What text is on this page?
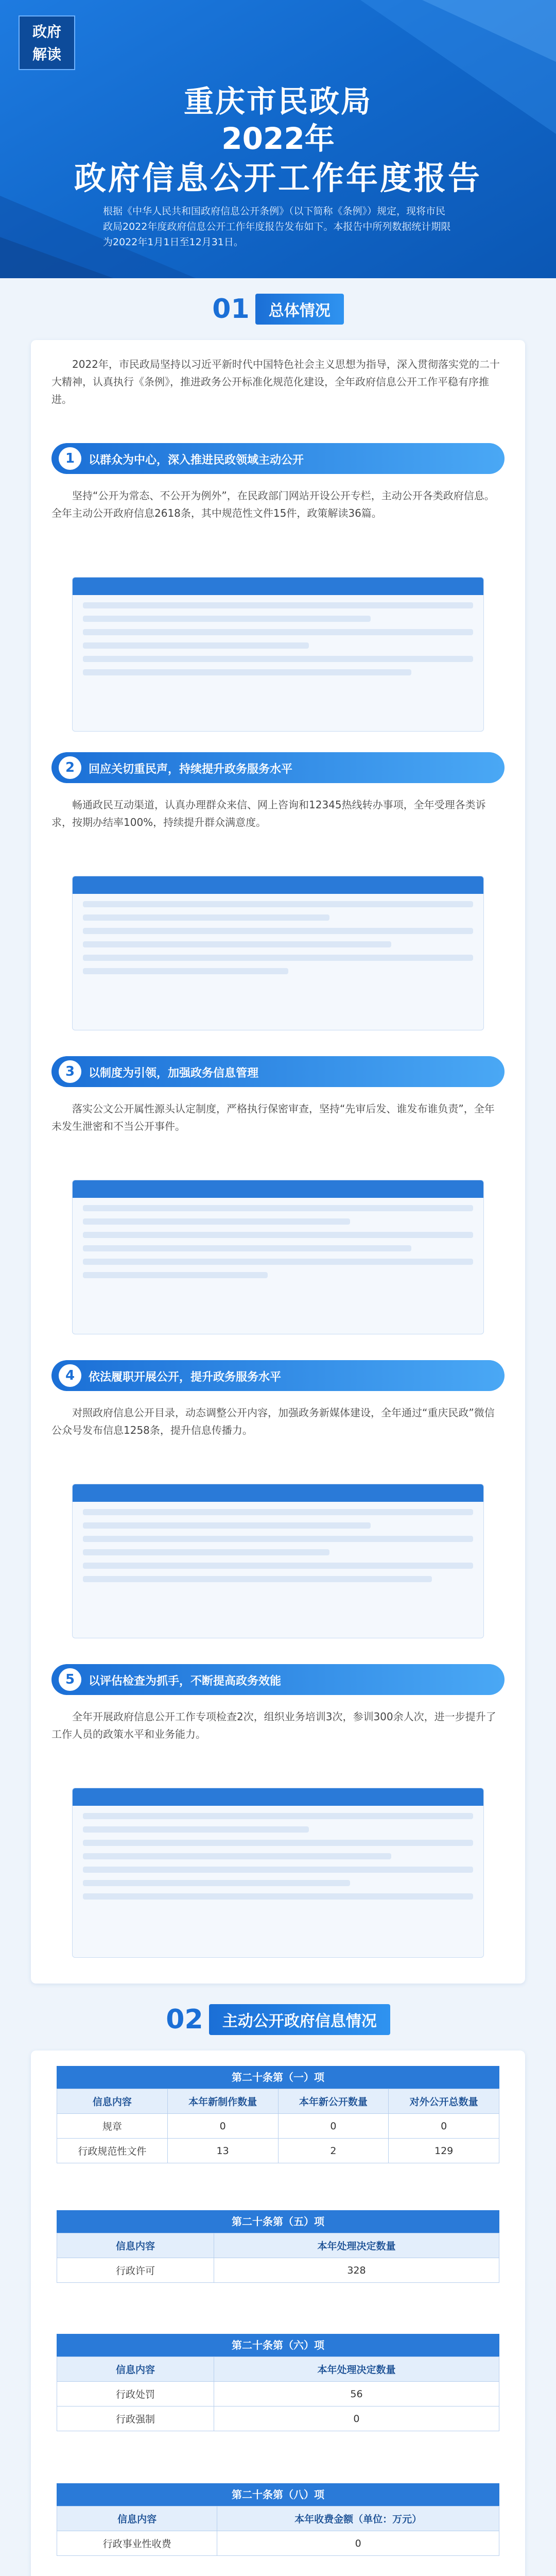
政府
解读
重庆市民政局
2022年
政府信息公开工作年度报告
根据《中华人民共和国政府信息公开条例》（以下简称《条例》）规定，现将市民政局2022年度政府信息公开工作年度报告发布如下。本报告中所列数据统计期限为2022年1月1日至12月31日。
01 总体情况
2022年，市民政局坚持以习近平新时代中国特色社会主义思想为指导，深入贯彻落实党的二十大精神，认真执行《条例》，推进政务公开标准化规范化建设，全年政府信息公开工作平稳有序推进。
1	以群众为中心，深入推进民政领域主动公开
坚持“公开为常态、不公开为例外”，在民政部门网站开设公开专栏，主动公开各类政府信息。全年主动公开政府信息2618条，其中规范性文件15件，政策解读36篇。
2	回应关切重民声，持续提升政务服务水平
畅通政民互动渠道，认真办理群众来信、网上咨询和12345热线转办事项，全年受理各类诉求，按期办结率100%，持续提升群众满意度。
3	以制度为引领，加强政务信息管理
落实公文公开属性源头认定制度，严格执行保密审查，坚持“先审后发、谁发布谁负责”，全年未发生泄密和不当公开事件。
4	依法履职开展公开，提升政务服务水平
对照政府信息公开目录，动态调整公开内容，加强政务新媒体建设，全年通过“重庆民政”微信公众号发布信息1258条，提升信息传播力。
5	以评估检查为抓手，不断提高政务效能
全年开展政府信息公开工作专项检查2次，组织业务培训3次，参训300余人次，进一步提升了工作人员的政策水平和业务能力。
02 主动公开政府信息情况
第二十条第（一）项
信息内容	本年新制作数量	本年新公开数量	对外公开总数量
规章	0	0	0
行政规范性文件	13	2	129
第二十条第（五）项
信息内容	本年处理决定数量
行政许可	328
第二十条第（六）项
信息内容	本年处理决定数量
行政处罚	56
行政强制	0
第二十条第（八）项
信息内容	本年收费金额（单位：万元）
行政事业性收费	0
